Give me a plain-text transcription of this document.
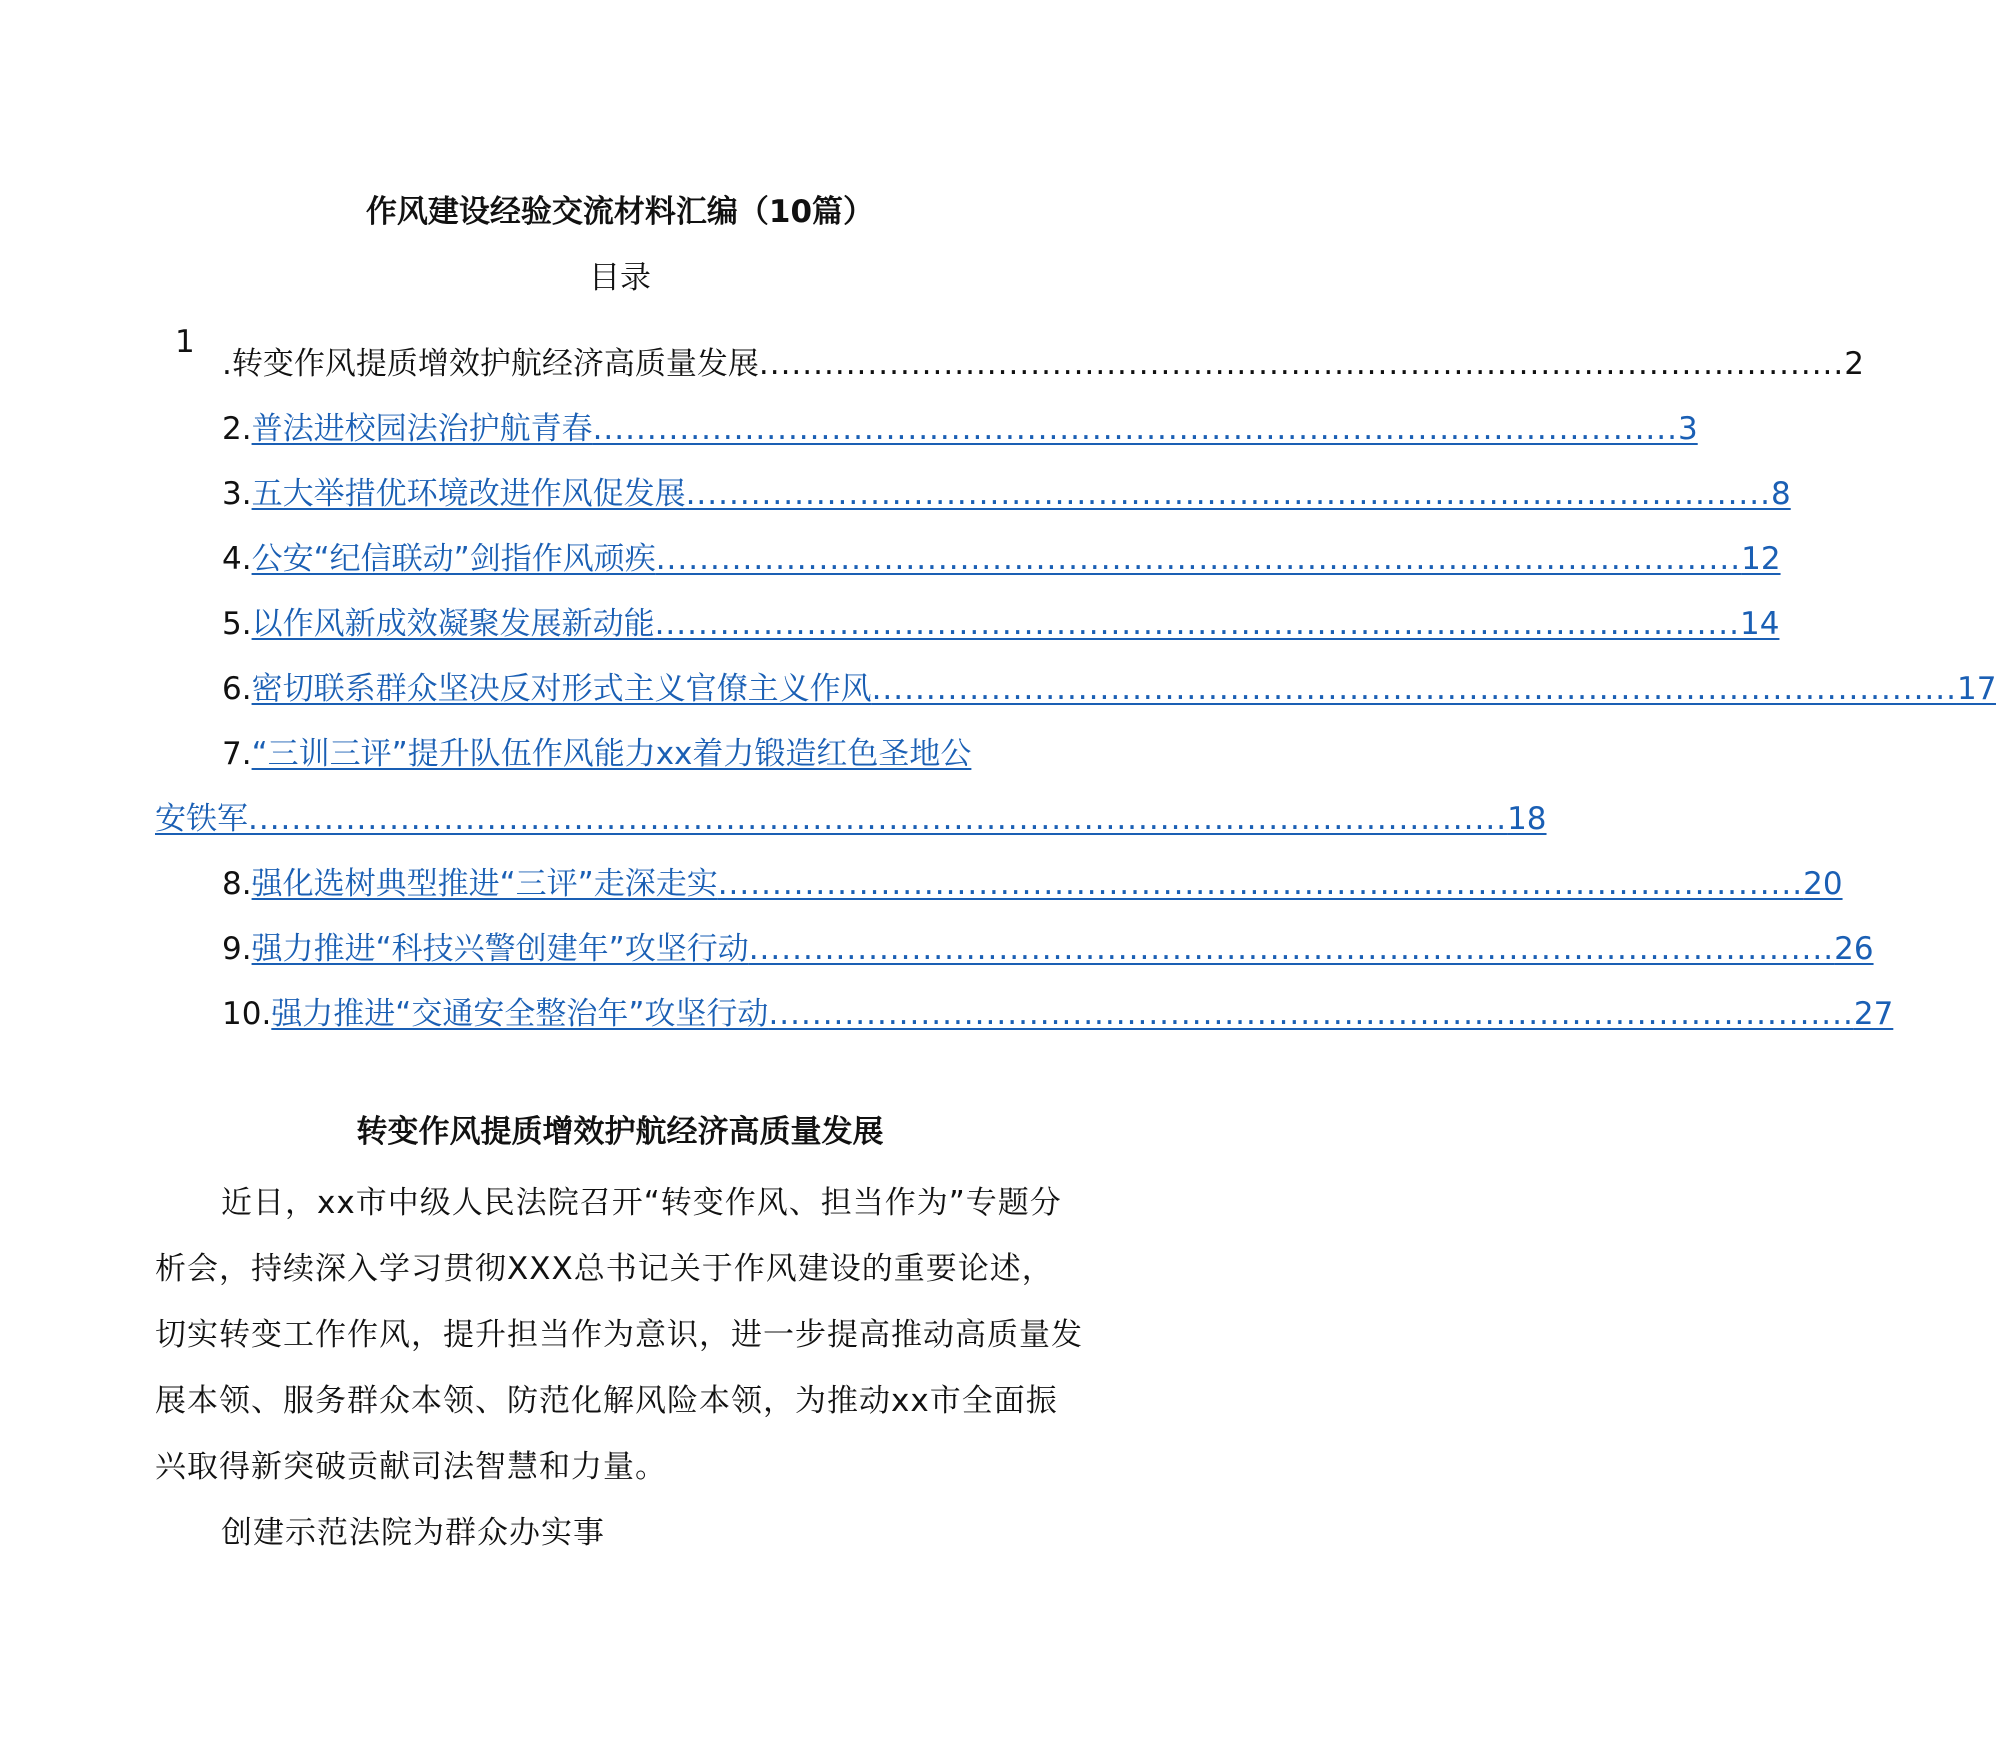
作风建设经验交流材料汇编（10篇）
目录
1
.转变作风提质增效护航经济高质量发展 .................................................................................................... 2
2. 普法进校园法治护航青春 .................................................................................................... 3
3. 五大举措优环境改进作风促发展 .................................................................................................... 8
4. 公安“纪信联动”剑指作风顽疾 .................................................................................................... 12
5. 以作风新成效凝聚发展新动能 .................................................................................................... 14
6. 密切联系群众坚决反对形式主义官僚主义作风 .................................................................................................... 17
7. “三训三评”提升队伍作风能力xx着力锻造红色圣地公
安铁军 .................................................................................................................... 18
8. 强化选树典型推进“三评”走深走实 .................................................................................................... 20
9. 强力推进“科技兴警创建年”攻坚行动 .................................................................................................... 26
10. 强力推进“交通安全整治年”攻坚行动 .................................................................................................... 27
转变作风提质增效护航经济高质量发展

近日，xx市中级人民法院召开“转变作风、担当作为”专题分析会，持续深入学习贯彻XXX总书记关于作风建设的重要论述，切实转变工作作风，提升担当作为意识，进一步提高推动高质量发展本领、服务群众本领、防范化解风险本领，为推动xx市全面振兴取得新突破贡献司法智慧和力量。

创建示范法院为群众办实事
